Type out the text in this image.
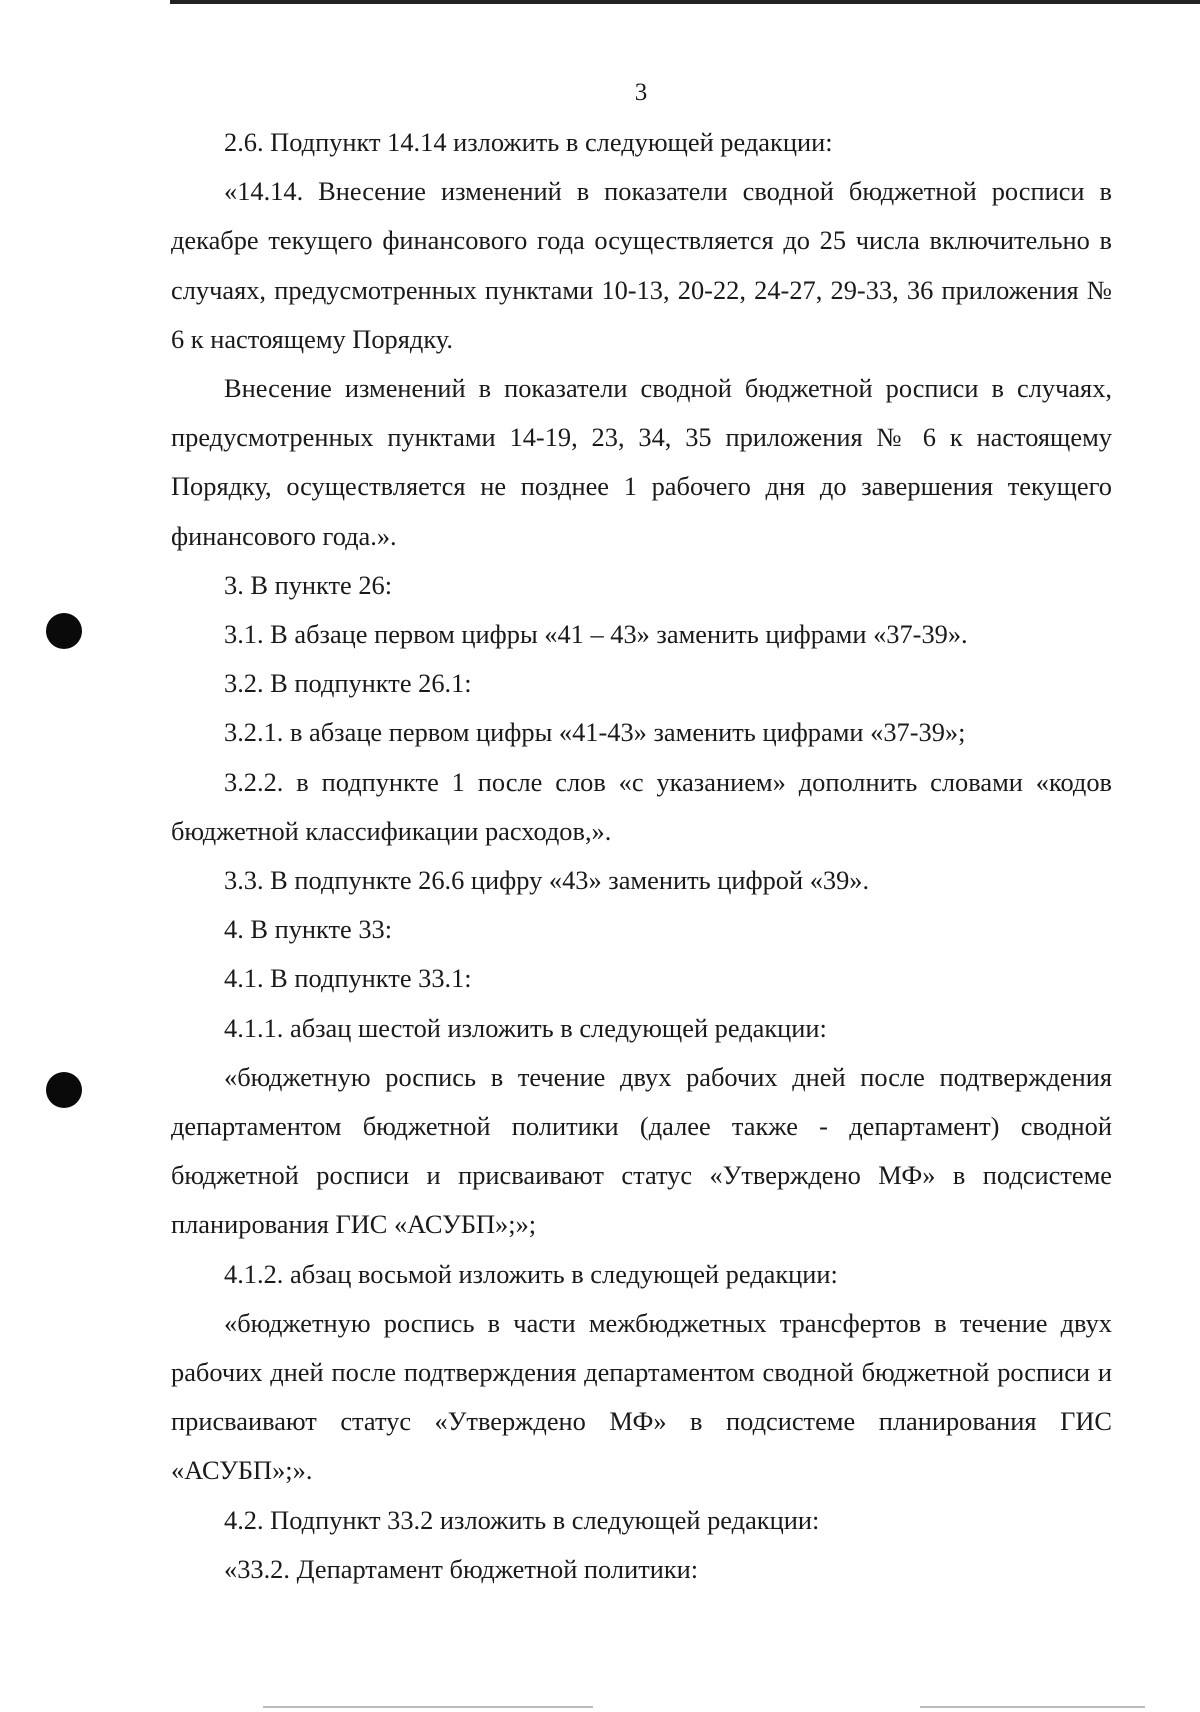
3

2.6. Подпункт 14.14 изложить в следующей редакции:

«14.14. Внесение изменений в показатели сводной бюджетной росписи в декабре текущего финансового года осуществляется до 25 числа включительно в случаях, предусмотренных пунктами 10-13, 20-22, 24-27, 29-33, 36 приложения № 6 к настоящему Порядку.

Внесение изменений в показатели сводной бюджетной росписи в случаях, предусмотренных пунктами 14-19, 23, 34, 35 приложения № 6 к настоящему Порядку, осуществляется не позднее 1 рабочего дня до завершения текущего финансового года.».

3. В пункте 26:

3.1. В абзаце первом цифры «41 – 43» заменить цифрами «37-39».

3.2. В подпункте 26.1:

3.2.1. в абзаце первом цифры «41-43» заменить цифрами «37-39»;

3.2.2. в подпункте 1 после слов «с указанием» дополнить словами «кодов бюджетной классификации расходов,».

3.3. В подпункте 26.6 цифру «43» заменить цифрой «39».

4. В пункте 33:

4.1. В подпункте 33.1:

4.1.1. абзац шестой изложить в следующей редакции:

«бюджетную роспись в течение двух рабочих дней после подтверждения департаментом бюджетной политики (далее также - департамент) сводной бюджетной росписи и присваивают статус «Утверждено МФ» в подсистеме планирования ГИС «АСУБП»;»;

4.1.2. абзац восьмой изложить в следующей редакции:

«бюджетную роспись в части межбюджетных трансфертов в течение двух рабочих дней после подтверждения департаментом сводной бюджетной росписи и присваивают статус «Утверждено МФ» в подсистеме планирования ГИС «АСУБП»;».

4.2. Подпункт 33.2 изложить в следующей редакции:

«33.2. Департамент бюджетной политики:
